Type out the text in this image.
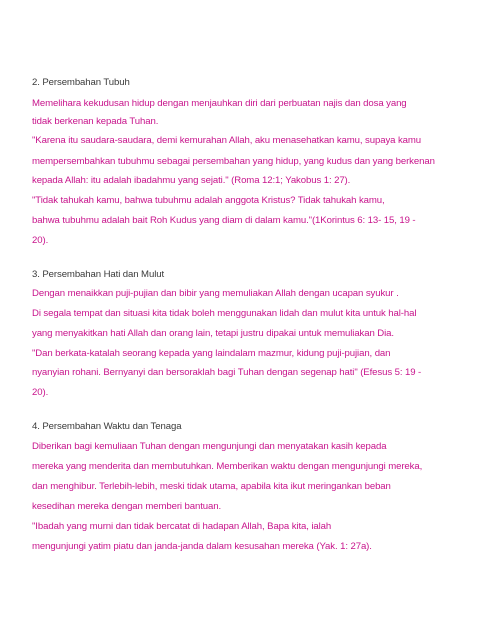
2. Persembahan Tubuh
Memelihara kekudusan hidup dengan menjauhkan diri dari perbuatan najis dan dosa yang
tidak berkenan kepada Tuhan.
"Karena itu saudara-saudara, demi kemurahan Allah, aku menasehatkan kamu, supaya kamu
mempersembahkan tubuhmu sebagai persembahan yang hidup, yang kudus dan yang berkenan
kepada Allah: itu adalah ibadahmu yang sejati." (Roma 12:1; Yakobus 1: 27).
"Tidak tahukah kamu, bahwa tubuhmu adalah anggota Kristus? Tidak tahukah kamu,
bahwa tubuhmu adalah bait Roh Kudus yang diam di dalam kamu."(1Korintus 6: 13- 15, 19 -
20).
3. Persembahan Hati dan Mulut
Dengan menaikkan puji-pujian dan bibir yang memuliakan Allah dengan ucapan syukur .
Di segala tempat dan situasi kita tidak boleh menggunakan lidah dan mulut kita untuk hal-hal
yang menyakitkan hati Allah dan orang lain, tetapi justru dipakai untuk memuliakan Dia.
"Dan berkata-katalah seorang kepada yang laindalam mazmur, kidung puji-pujian, dan
nyanyian rohani. Bernyanyi dan bersoraklah bagi Tuhan dengan segenap hati" (Efesus 5: 19 -
20).
4. Persembahan Waktu dan Tenaga
Diberikan bagi kemuliaan Tuhan dengan mengunjungi dan menyatakan kasih kepada
mereka yang menderita dan membutuhkan. Memberikan waktu dengan mengunjungi mereka,
dan menghibur. Terlebih-lebih, meski tidak utama, apabila kita ikut meringankan beban
kesedihan mereka dengan memberi bantuan.
"Ibadah yang murni dan tidak bercatat di hadapan Allah, Bapa kita, ialah
mengunjungi yatim piatu dan janda-janda dalam kesusahan mereka (Yak. 1: 27a).
